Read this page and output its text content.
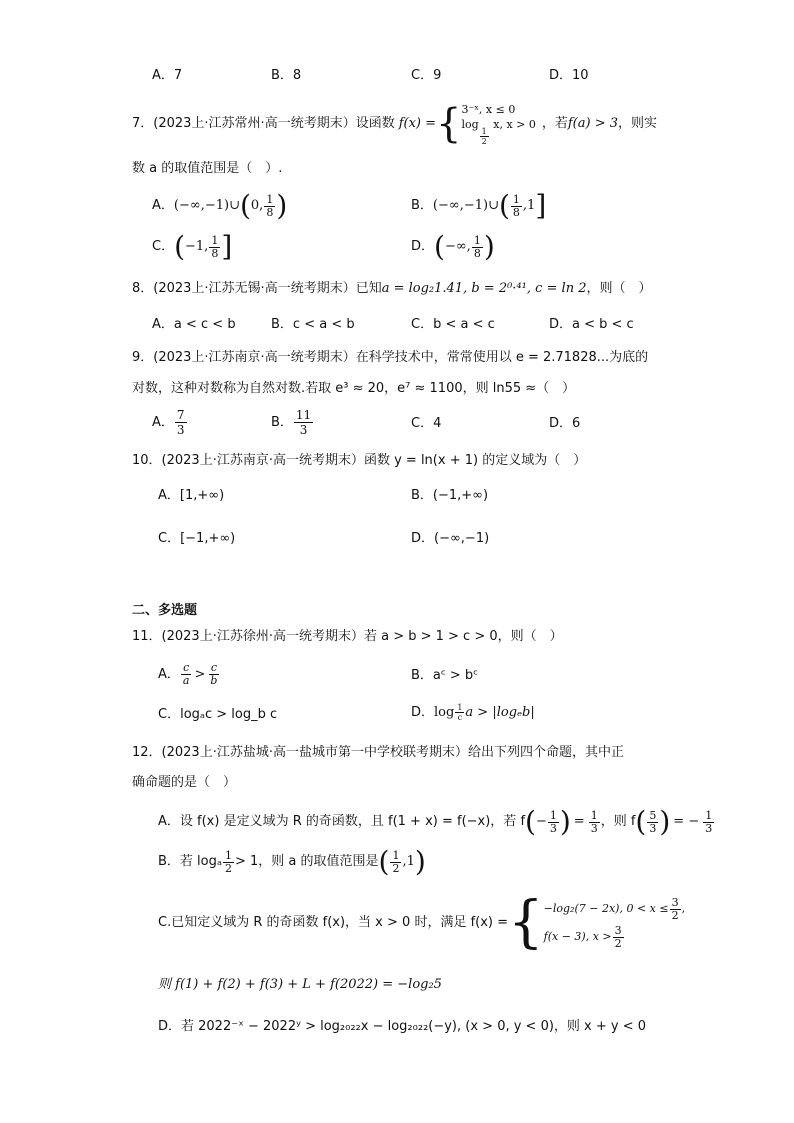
A．7	B．8	C．9	D．10
7．(2023上·江苏常州·高一统考期末）设函数 f(x) = { 3⁻ˣ, x ≤ 0
log
$\frac{1}{2}$
x, x > 0 ，若 f(a) > 3 ，则实
数 a 的取值范围是（　）.
A． (−∞,−1)∪ ( 0, $\frac{1}{8}$ )	B． (−∞,−1)∪ ( $\frac{1}{8} ,1$ ]
C． ( −1, $\frac{1}{8}$ ]	D． ( −∞, $\frac{1}{8}$ )
8．(2023上·江苏无锡·高一统考期末）已知a = log₂1.41, b = 2⁰·⁴¹, c = ln 2，则（　）
A．a < c < b	B．c < a < b	C．b < a < c	D．a < b < c
9．(2023上·江苏南京·高一统考期末）在科学技术中，常常使用以 e = 2.71828...为底的
对数，这种对数称为自然对数.若取 e³ ≈ 20，e⁷ ≈ 1100，则 ln55 ≈（　）
A． $\frac{7}{3}$	B． $\frac{11}{3}$	C．4	D．6
10．(2023上·江苏南京·高一统考期末）函数 y = ln(x + 1) 的定义域为（　）
A．[1,+∞)	B．(−1,+∞)
C．[−1,+∞)	D．(−∞,−1)
二、多选题
11．(2023上·江苏徐州·高一统考期末）若 a > b > 1 > c > 0，则（　）
A． $\frac{c}{a} > \frac{c}{b}$	B．aᶜ > bᶜ
C．logₐc > log_b c	D． $\log \frac{1}{c}$ a > |logₑb|
12．(2023上·江苏盐城·高一盐城市第一中学校联考期末）给出下列四个命题，其中正
确命题的是（　）
A．设 f(x) 是定义域为 R 的奇函数，且 f(1 + x) = f(−x)，若 f ( − $\frac{1}{3}$ ) = $\frac{1}{3}$ ，则 f ( $\frac{5}{3}$ ) = − $\frac{1}{3}$
B．若 logₐ $\frac{1}{2} > 1$，则 a 的取值范围是 ( $\frac{1}{2} ,1$ )
C.已知定义域为 R 的奇函数 f(x)，当 x > 0 时，满足 f(x) = { −log₂(7 − 2x), $0 < x \le \frac{3}{2}$ ,
f(x − 3), $x > \frac{3}{2}$
则 f(1) + f(2) + f(3) + L + f(2022) = −log₂5
D．若 2022⁻ˣ − 2022ʸ > log₂₀₂₂x − log₂₀₂₂(−y), (x > 0, y < 0)，则 x + y < 0
